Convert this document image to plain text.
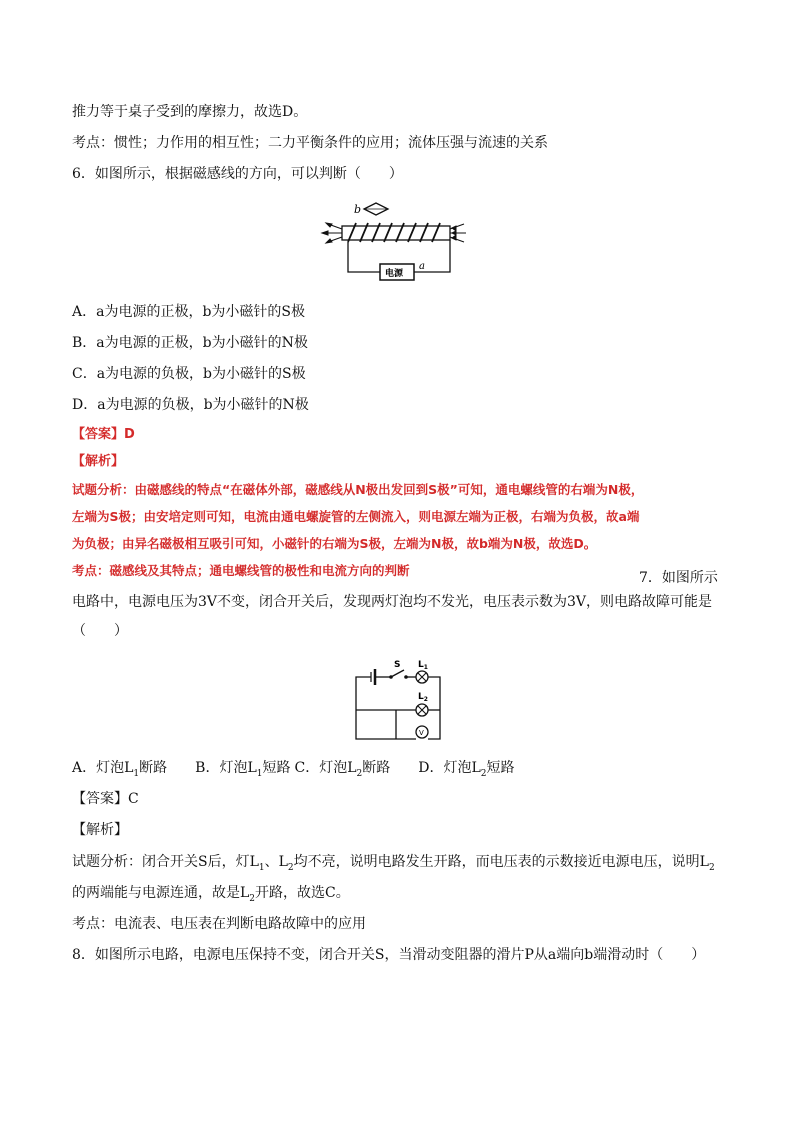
推力等于桌子受到的摩擦力，故选D。
考点：惯性；力作用的相互性；二力平衡条件的应用；流体压强与流速的关系
6．如图所示，根据磁感线的方向，可以判断（　　）
b
电源
a
A．a为电源的正极，b为小磁针的S极
B．a为电源的正极，b为小磁针的N极
C．a为电源的负极，b为小磁针的S极
D．a为电源的负极，b为小磁针的N极
【答案】D
【解析】
试题分析：由磁感线的特点“在磁体外部，磁感线从N极出发回到S极”可知，通电螺线管的右端为N极，
左端为S极；由安培定则可知，电流由通电螺旋管的左侧流入，则电源左端为正极，右端为负极，故a端
为负极；由异名磁极相互吸引可知，小磁针的右端为S极，左端为N极，故b端为N极，故选D。
考点：磁感线及其特点；通电螺线管的极性和电流方向的判断	7．如图所示
电路中，电源电压为3V不变，闭合开关后，发现两灯泡均不发光，电压表示数为3V，则电路故障可能是
（　　）
S $L_1$
$L_2$
V
A．灯泡$L_1$断路 B．灯泡$L_1$短路 C．灯泡$L_2$断路 D．灯泡$L_2$短路
【答案】C
【解析】
试题分析：闭合开关S后，灯$L_1$、$L_2$均不亮，说明电路发生开路，而电压表的示数接近电源电压，说明$L_2$
的两端能与电源连通，故是$L_2$开路，故选C。
考点：电流表、电压表在判断电路故障中的应用
8．如图所示电路，电源电压保持不变，闭合开关S，当滑动变阻器的滑片P从a端向b端滑动时（　　）
